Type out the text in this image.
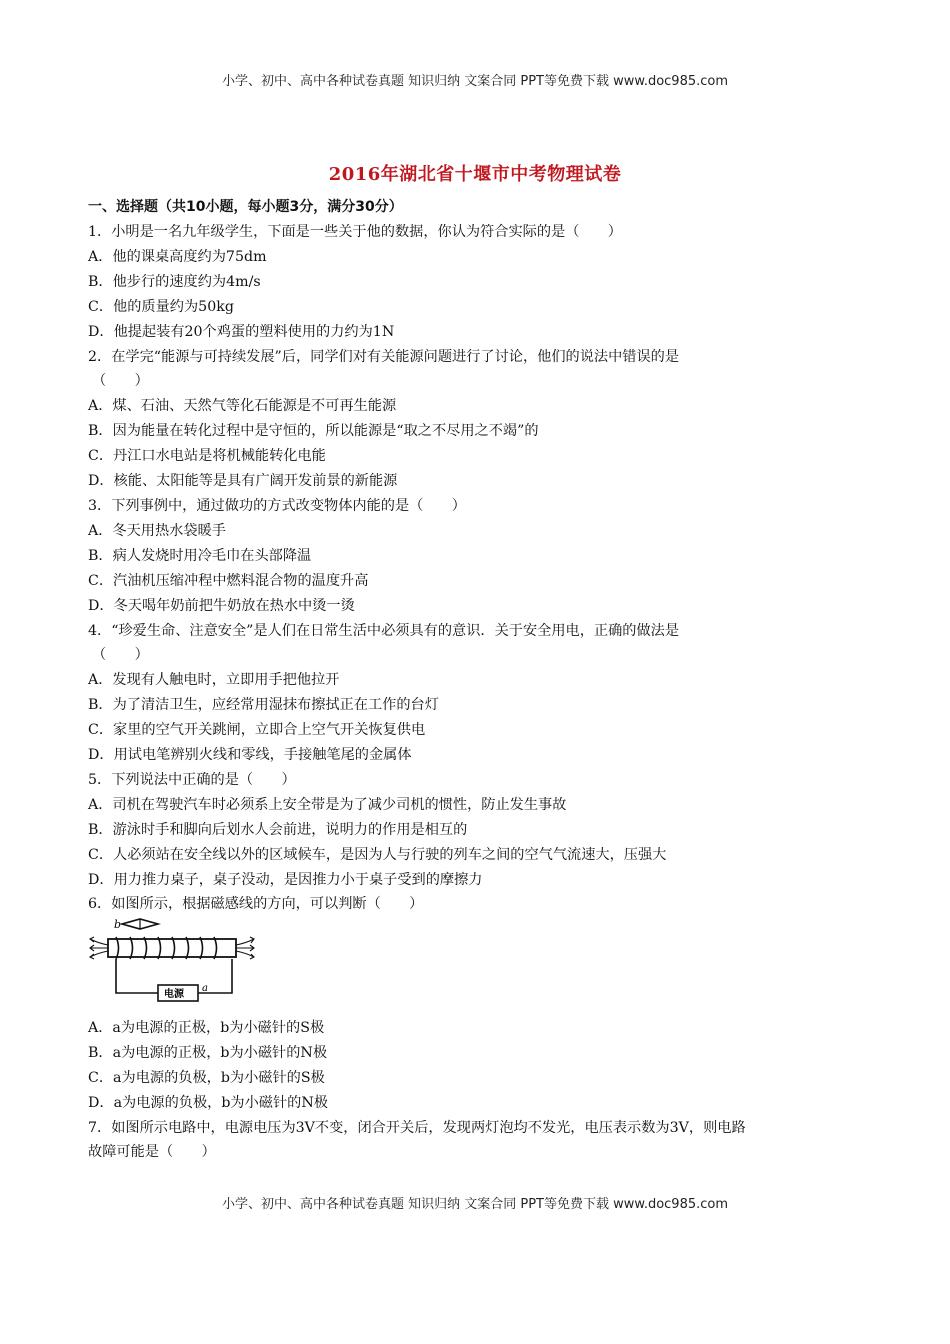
小学、初中、高中各种试卷真题 知识归纳 文案合同 PPT等免费下载 www.doc985.com
2016年湖北省十堰市中考物理试卷
一、选择题（共10小题，每小题3分，满分30分）
1．小明是一名九年级学生，下面是一些关于他的数据，你认为符合实际的是（　　）
A．他的课桌高度约为75dm
B．他步行的速度约为4m/s
C．他的质量约为50kg
D．他提起装有20个鸡蛋的塑料使用的力约为1N
2．在学完“能源与可持续发展”后，同学们对有关能源问题进行了讨论，他们的说法中错误的是
（　　）
A．煤、石油、天然气等化石能源是不可再生能源
B．因为能量在转化过程中是守恒的，所以能源是“取之不尽用之不竭”的
C．丹江口水电站是将机械能转化电能
D．核能、太阳能等是具有广阔开发前景的新能源
3．下列事例中，通过做功的方式改变物体内能的是（　　）
A．冬天用热水袋暖手
B．病人发烧时用冷毛巾在头部降温
C．汽油机压缩冲程中燃料混合物的温度升高
D．冬天喝年奶前把牛奶放在热水中烫一烫
4．“珍爱生命、注意安全”是人们在日常生活中必须具有的意识．关于安全用电，正确的做法是
（　　）
A．发现有人触电时，立即用手把他拉开
B．为了清洁卫生，应经常用湿抹布擦拭正在工作的台灯
C．家里的空气开关跳闸，立即合上空气开关恢复供电
D．用试电笔辨别火线和零线，手接触笔尾的金属体
5．下列说法中正确的是（　　）
A．司机在驾驶汽车时必须系上安全带是为了减少司机的惯性，防止发生事故
B．游泳时手和脚向后划水人会前进，说明力的作用是相互的
C．人必须站在安全线以外的区域候车，是因为人与行驶的列车之间的空气气流速大，压强大
D．用力推力桌子，桌子没动，是因推力小于桌子受到的摩擦力
6．如图所示，根据磁感线的方向，可以判断（　　）
b
电源
a
A．a为电源的正极，b为小磁针的S极
B．a为电源的正极，b为小磁针的N极
C．a为电源的负极，b为小磁针的S极
D．a为电源的负极，b为小磁针的N极
7．如图所示电路中，电源电压为3V不变，闭合开关后，发现两灯泡均不发光，电压表示数为3V，则电路
故障可能是（　　）
小学、初中、高中各种试卷真题 知识归纳 文案合同 PPT等免费下载 www.doc985.com
